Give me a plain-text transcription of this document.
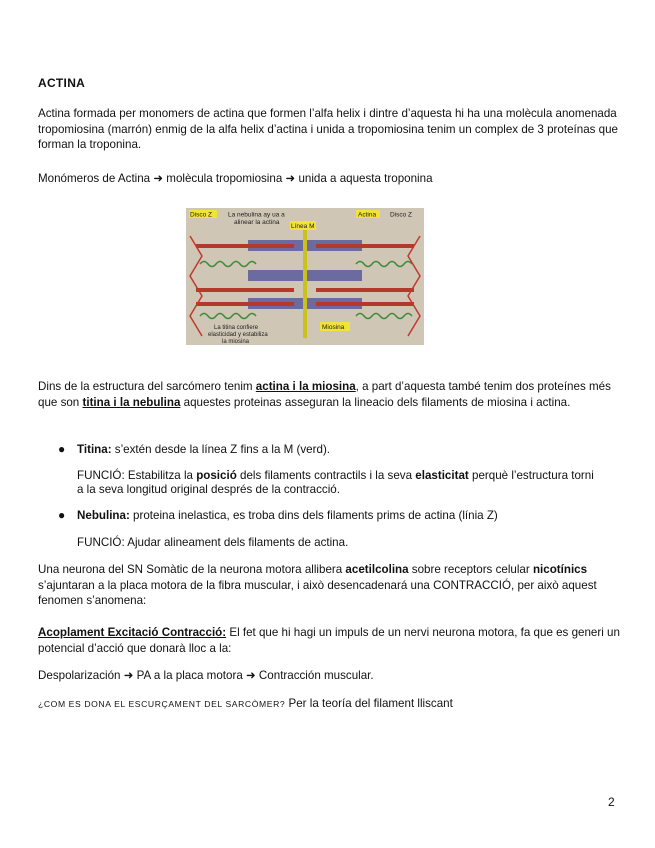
ACTINA
Actina formada per monomers de actina que formen l’alfa helix i dintre d’aquesta hi ha una molècula anomenada tropomiosina (marrón) enmig de la alfa helix d’actina i unida a tropomiosina tenim un complex de 3 proteínas que forman la troponina.
Monómeros de Actina ➜ molècula tropomiosina ➜ unida a aquesta troponina
Disco Z La nebulina ay ua a
alinear la actina
Línea M
Actina Disco Z
La titina confiere
elasticidad y estabiliza
la miosina
Miosina
Dins de la estructura del sarcómero tenim actina i la miosina, a part d’aquesta també tenim dos proteínes més que son titina i la nebulina aquestes proteinas asseguran la lineacio dels filaments de miosina i actina.
● Titina: s’extén desde la línea Z fins a la M (verd).
FUNCIÓ: Estabilitza la posició dels filaments contractils i la seva elasticitat perquè l’estructura torni a la seva longitud original després de la contracció.
● Nebulina: proteina inelastica, es troba dins dels filaments prims de actina (línia Z)
FUNCIÓ: Ajudar alineament dels filaments de actina.
Una neurona del SN Somàtic de la neurona motora allibera acetilcolina sobre receptors celular nicotínics s’ajuntaran a la placa motora de la fibra muscular, i això desencadenará una CONTRACCIÓ, per això aquest fenomen s’anomena:
Acoplament Excitació Contracció: El fet que hi hagi un impuls de un nervi neurona motora, fa que es generi un potencial d’acció que donarà lloc a la:
Despolarización ➜ PA a la placa motora ➜ Contracción muscular.
¿COM ES DONA EL ESCURÇAMENT DEL SARCÒMER? Per la teoría del filament lliscant
2
